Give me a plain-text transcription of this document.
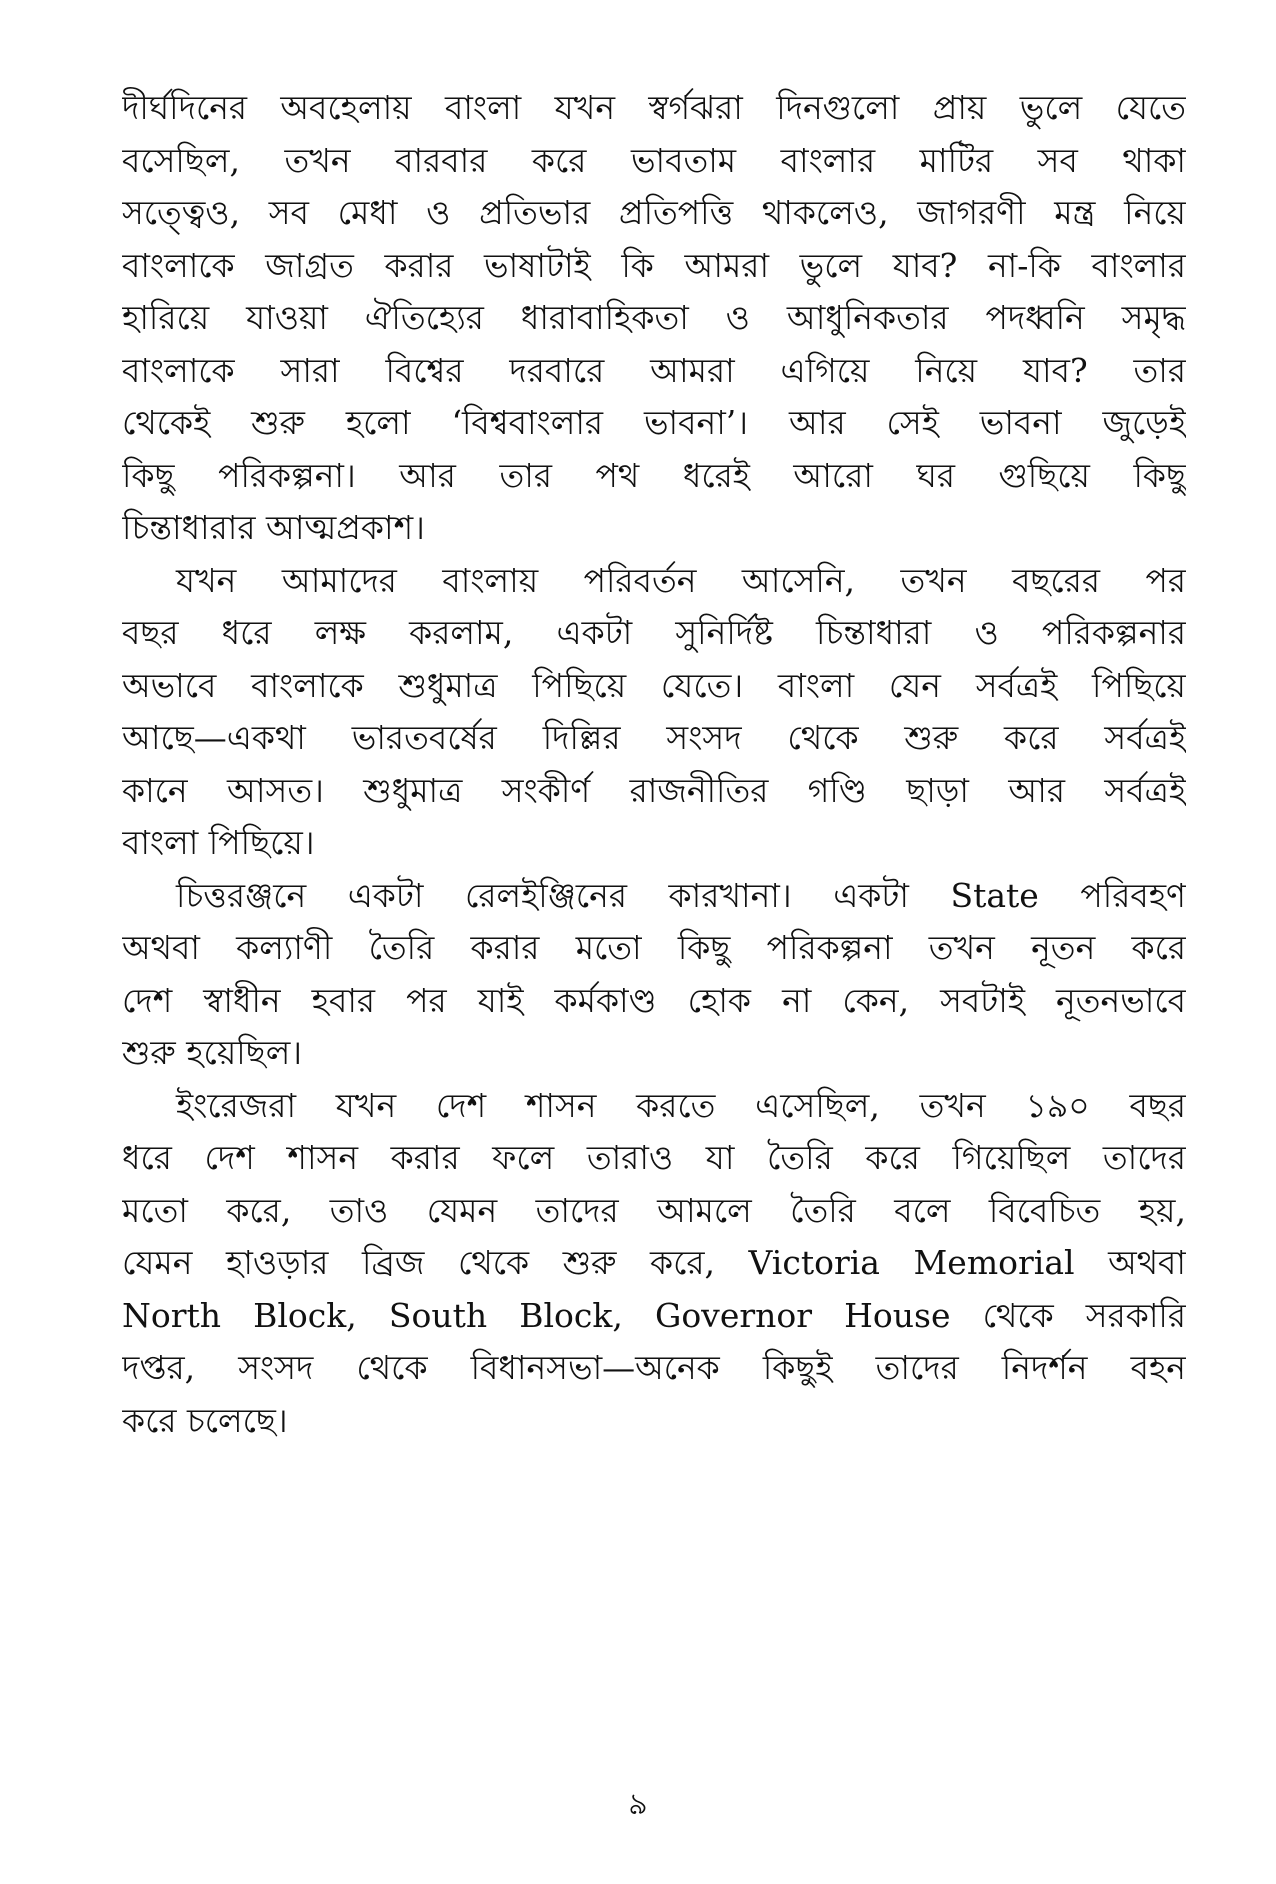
দীর্ঘদিনের অবহেলায় বাংলা যখন স্বর্গঝরা দিনগুলো প্রায় ভুলে যেতে
বসেছিল, তখন বারবার করে ভাবতাম বাংলার মাটির সব থাকা
সত্ত্বেও, সব মেধা ও প্রতিভার প্রতিপত্তি থাকলেও, জাগরণী মন্ত্র নিয়ে
বাংলাকে জাগ্রত করার ভাষাটাই কি আমরা ভুলে যাব? না-কি বাংলার
হারিয়ে যাওয়া ঐতিহ্যের ধারাবাহিকতা ও আধুনিকতার পদধ্বনি সমৃদ্ধ
বাংলাকে সারা বিশ্বের দরবারে আমরা এগিয়ে নিয়ে যাব? তার
থেকেই শুরু হলো ‘বিশ্ববাংলার ভাবনা’। আর সেই ভাবনা জুড়েই
কিছু পরিকল্পনা। আর তার পথ ধরেই আরো ঘর গুছিয়ে কিছু
চিন্তাধারার আত্মপ্রকাশ।
যখন আমাদের বাংলায় পরিবর্তন আসেনি, তখন বছরের পর
বছর ধরে লক্ষ করলাম, একটা সুনির্দিষ্ট চিন্তাধারা ও পরিকল্পনার
অভাবে বাংলাকে শুধুমাত্র পিছিয়ে যেতে। বাংলা যেন সর্বত্রই পিছিয়ে
আছে—একথা ভারতবর্ষের দিল্লির সংসদ থেকে শুরু করে সর্বত্রই
কানে আসত। শুধুমাত্র সংকীর্ণ রাজনীতির গণ্ডি ছাড়া আর সর্বত্রই
বাংলা পিছিয়ে।
চিত্তরঞ্জনে একটা রেলইঞ্জিনের কারখানা। একটা State পরিবহণ
অথবা কল্যাণী তৈরি করার মতো কিছু পরিকল্পনা তখন নূতন করে
দেশ স্বাধীন হবার পর যাই কর্মকাণ্ড হোক না কেন, সবটাই নূতনভাবে
শুরু হয়েছিল।
ইংরেজরা যখন দেশ শাসন করতে এসেছিল, তখন ১৯০ বছর
ধরে দেশ শাসন করার ফলে তারাও যা তৈরি করে গিয়েছিল তাদের
মতো করে, তাও যেমন তাদের আমলে তৈরি বলে বিবেচিত হয়,
যেমন হাওড়ার ব্রিজ থেকে শুরু করে, Victoria Memorial অথবা
North Block, South Block, Governor House থেকে সরকারি
দপ্তর, সংসদ থেকে বিধানসভা—অনেক কিছুই তাদের নিদর্শন বহন
করে চলেছে।
৯
